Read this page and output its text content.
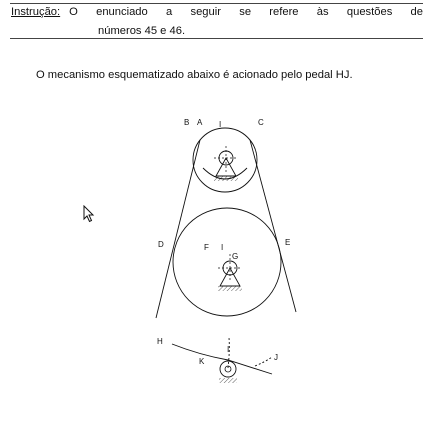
Instrução: O enunciado a seguir se refere às questões de
números 45 e 46.
O mecanismo esquematizado abaixo é acionado pelo pedal HJ.
B A I	C
D	E
F I
G
H
I
K	J
